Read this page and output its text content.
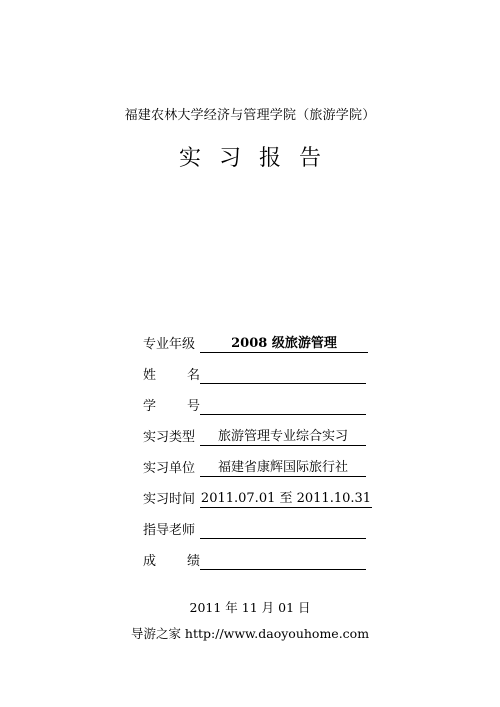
福建农林大学经济与管理学院（旅游学院）
实习报告
专业年级	2008 级旅游管理
姓 名
学 号
实习类型	旅游管理专业综合实习
实习单位	福建省康辉国际旅行社
实习时间 2011.07.01 至 2011.10.31
指导老师
成 绩
2011 年 11 月 01 日
导游之家 http://www.daoyouhome.com
